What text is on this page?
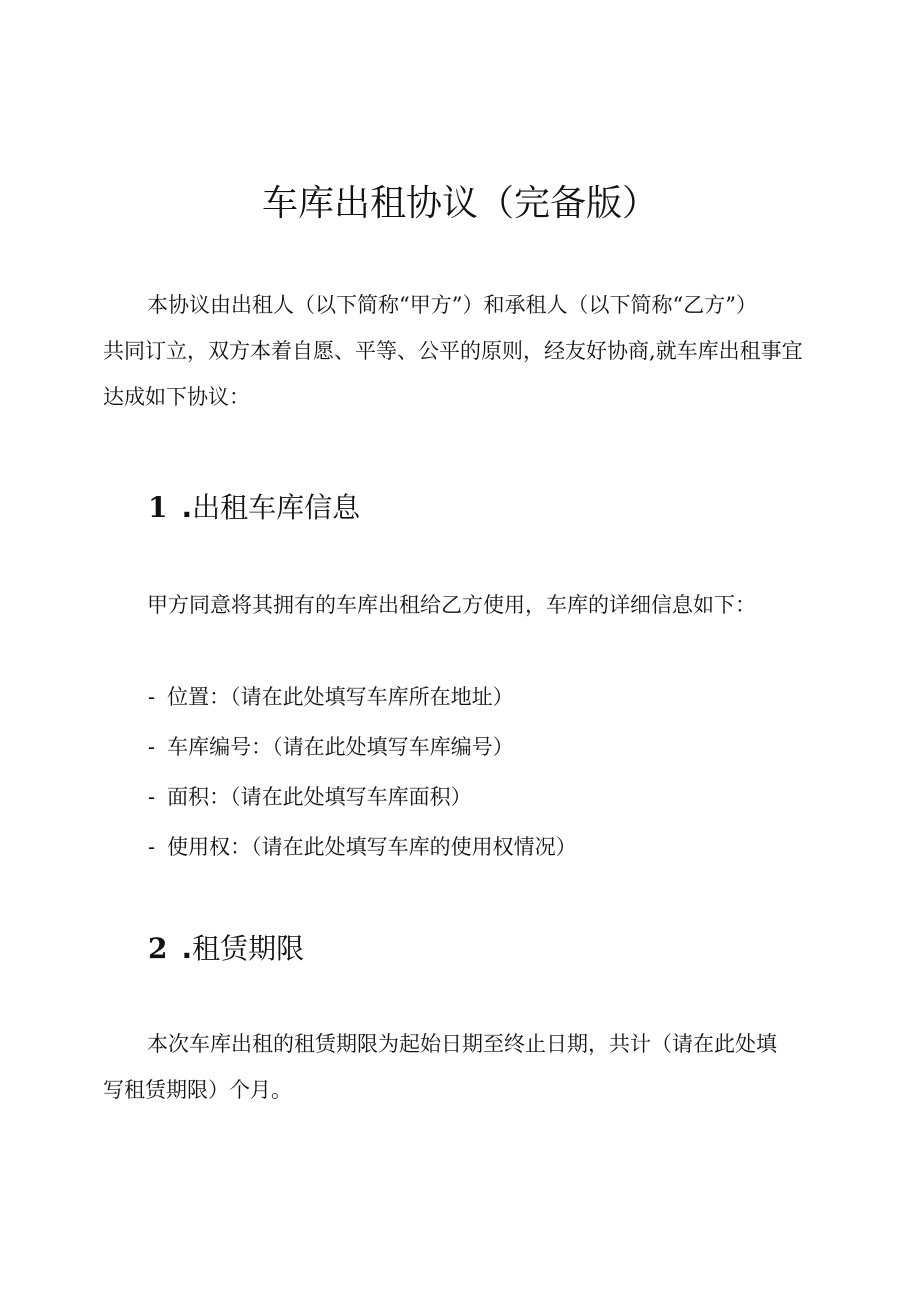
车库出租协议（完备版）

本协议由出租人（以下简称“甲方”）和承租人（以下简称“乙方”）
共同订立，双方本着自愿、平等、公平的原则，经友好协商,就车库出租事宜
达成如下协议：

1 .出租车库信息

甲方同意将其拥有的车库出租给乙方使用，车库的详细信息如下：

- 位置：（请在此处填写车库所在地址）
- 车库编号：（请在此处填写车库编号）
- 面积：（请在此处填写车库面积）
- 使用权：（请在此处填写车库的使用权情况）
2 .租赁期限

本次车库出租的租赁期限为起始日期至终止日期，共计（请在此处填
写租赁期限）个月。
